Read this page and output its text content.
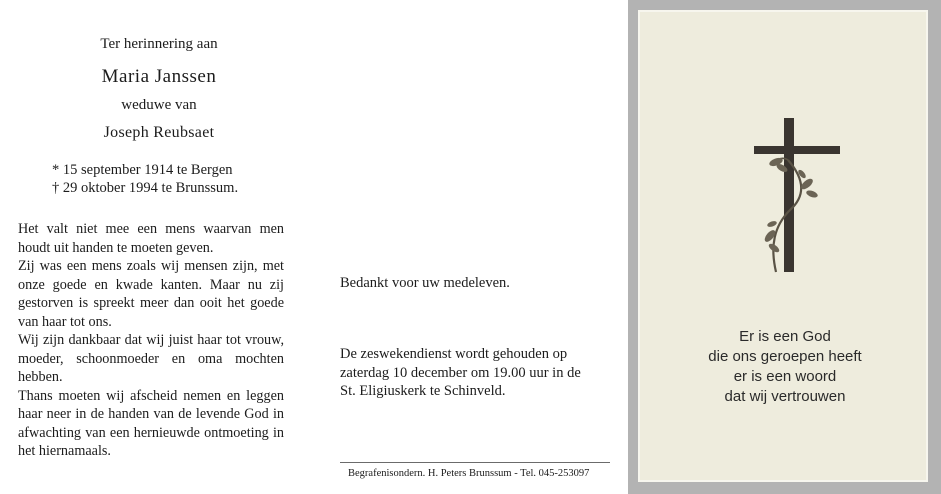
Ter herinnering aan
Maria Janssen
weduwe van
Joseph Reubsaet
* 15 september 1914 te Bergen
† 29 oktober 1994 te Brunssum.

Het valt niet mee een mens waarvan men houdt uit handen te moeten geven.

Zij was een mens zoals wij mensen zijn, met onze goede en kwade kanten. Maar nu zij gestorven is spreekt meer dan ooit het goede van haar tot ons.

Wij zijn dankbaar dat wij juist haar tot vrouw, moeder, schoonmoeder en oma mochten hebben.

Thans moeten wij afscheid nemen en leggen haar neer in de handen van de levende God in afwachting van een hernieuwde ontmoeting in het hiernamaals.

Bedankt voor uw medeleven.

De zeswekendienst wordt gehouden op

zaterdag 10 december om 19.00 uur in de

St. Eligiuskerk te Schinveld.

Begrafenisondern. H. Peters Brunssum - Tel. 045-253097

Er is een God

die ons geroepen heeft

er is een woord

dat wij vertrouwen
